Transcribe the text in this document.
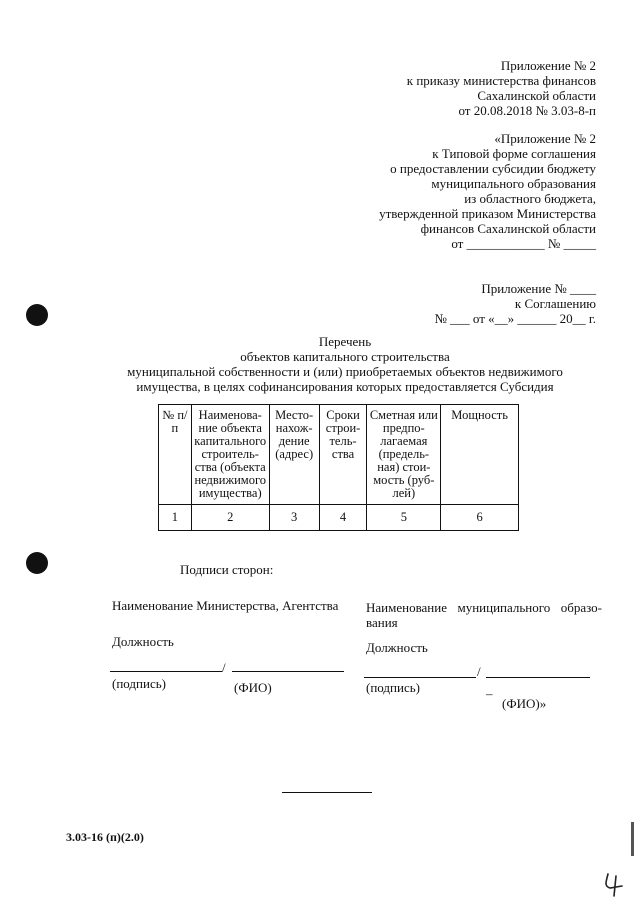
Приложение № 2
к приказу министерства финансов
Сахалинской области
от 20.08.2018 № 3.03-8-п
«Приложение № 2
к Типовой форме соглашения
о предоставлении субсидии бюджету
муниципального образования
из областного бюджета,
утвержденной приказом Министерства
финансов Сахалинской области
от ____________ № _____
Приложение № ____
к Соглашению
№ ___ от «__» ______ 20__ г.
Перечень
объектов капитального строительства
муниципальной собственности и (или) приобретаемых объектов недвижимого
имущества, в целях софинансирования которых предоставляется Субсидия
№ п/п	Наименова-ние объекта капитального строитель-ства (объекта недвижимого имущества)	Место-нахож-дение (адрес)	Сроки строи-тель-ства	Сметная или предпо-лагаемая (предель-ная) стои-мость (руб-лей)	Мощность
1	2	3	4	5	6
Подписи сторон:
Наименование Министерства, Агентства	Наименование муниципального образо-вания
Должность	Должность
/
(подпись)	(ФИО)
/
(подпись)	–
(ФИО)»
3.03-16 (п)(2.0)
